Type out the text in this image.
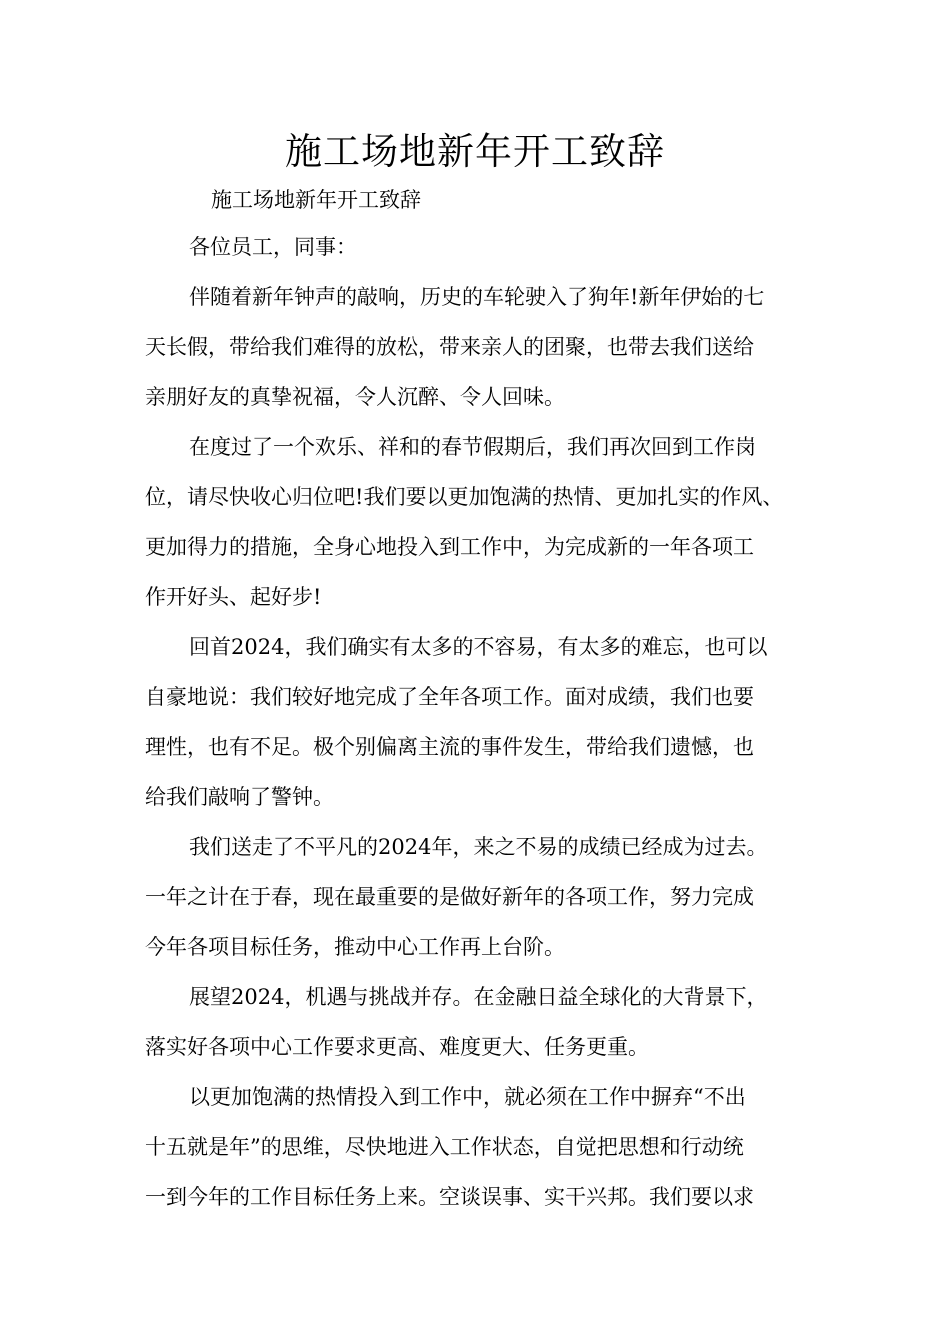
施工场地新年开工致辞

施工场地新年开工致辞

各位员工，同事：

伴随着新年钟声的敲响，历史的车轮驶入了狗年!新年伊始的七
天长假，带给我们难得的放松，带来亲人的团聚，也带去我们送给
亲朋好友的真挚祝福，令人沉醉、令人回味。

在度过了一个欢乐、祥和的春节假期后，我们再次回到工作岗
位，请尽快收心归位吧!我们要以更加饱满的热情、更加扎实的作风、
更加得力的措施，全身心地投入到工作中，为完成新的一年各项工
作开好头、起好步!

回首2024，我们确实有太多的不容易，有太多的难忘，也可以
自豪地说：我们较好地完成了全年各项工作。面对成绩，我们也要
理性，也有不足。极个别偏离主流的事件发生，带给我们遗憾，也
给我们敲响了警钟。

我们送走了不平凡的2024年，来之不易的成绩已经成为过去。
一年之计在于春，现在最重要的是做好新年的各项工作，努力完成
今年各项目标任务，推动中心工作再上台阶。

展望2024，机遇与挑战并存。在金融日益全球化的大背景下，
落实好各项中心工作要求更高、难度更大、任务更重。

以更加饱满的热情投入到工作中，就必须在工作中摒弃“不出
十五就是年”的思维，尽快地进入工作状态，自觉把思想和行动统
一到今年的工作目标任务上来。空谈误事、实干兴邦。我们要以求
